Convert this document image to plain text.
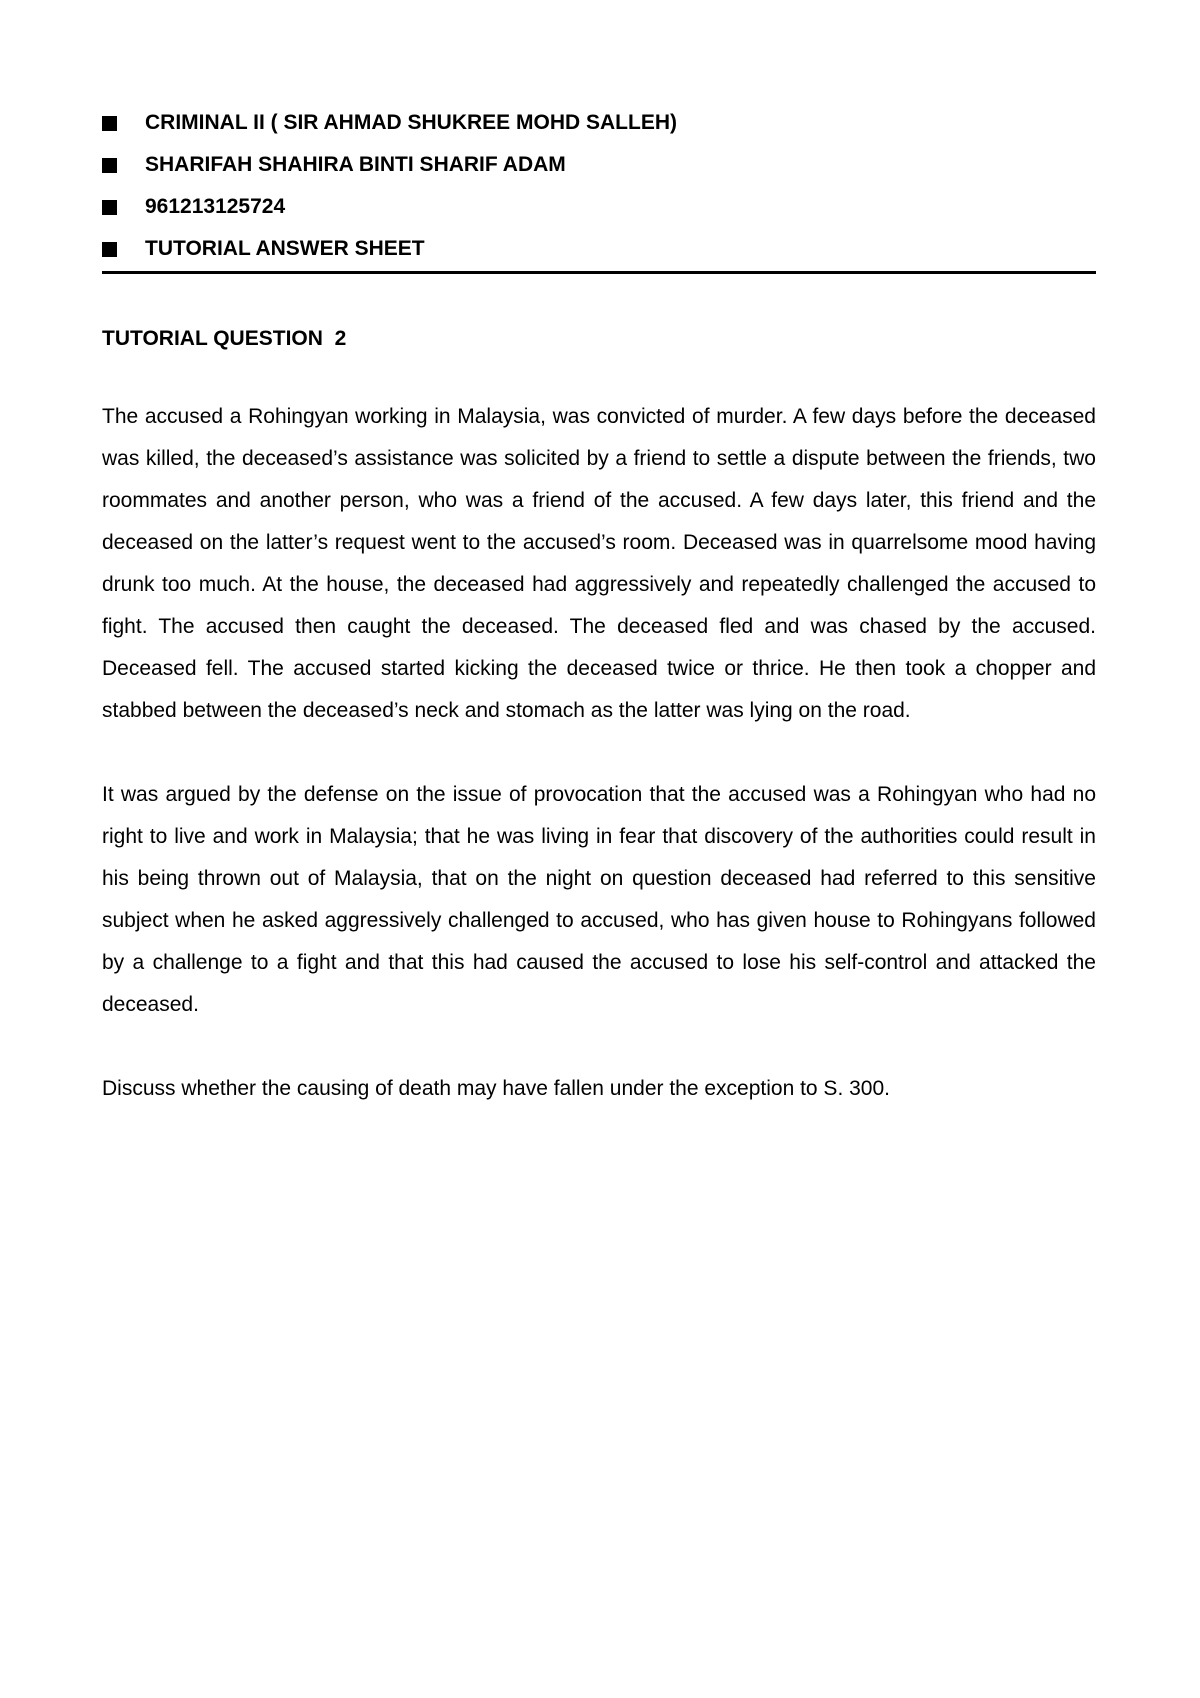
CRIMINAL II ( SIR AHMAD SHUKREE MOHD SALLEH)
SHARIFAH SHAHIRA BINTI SHARIF ADAM
961213125724
TUTORIAL ANSWER SHEET
TUTORIAL QUESTION  2

The accused a Rohingyan working in Malaysia, was convicted of murder. A few days before the deceased was killed, the deceased’s assistance was solicited by a friend to settle a dispute between the friends, two roommates and another person, who was a friend of the accused. A few days later, this friend and the deceased on the latter’s request went to the accused’s room. Deceased was in quarrelsome mood having drunk too much. At the house, the deceased had aggressively and repeatedly challenged the accused to fight. The accused then caught the deceased. The deceased fled and was chased by the accused. Deceased fell. The accused started kicking the deceased twice or thrice. He then took a chopper and stabbed between the deceased’s neck and stomach as the latter was lying on the road.

It was argued by the defense on the issue of provocation that the accused was a Rohingyan who had no right to live and work in Malaysia; that he was living in fear that discovery of the authorities could result in his being thrown out of Malaysia, that on the night on question deceased had referred to this sensitive subject when he asked aggressively challenged to accused, who has given house to Rohingyans followed by a challenge to a fight and that this had caused the accused to lose his self-control and attacked the deceased.

Discuss whether the causing of death may have fallen under the exception to S. 300.
